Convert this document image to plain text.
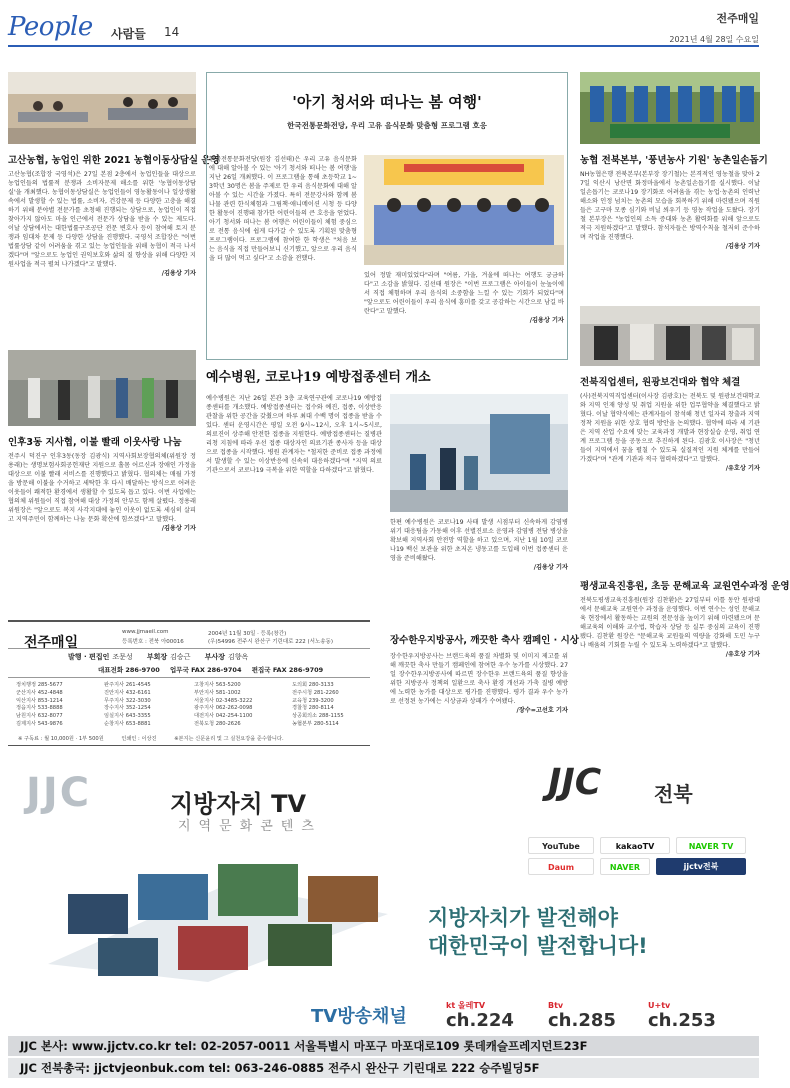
People 사람들 14
전주매일
2021년 4월 28일 수요일
고산농협, 농업인 위한 2021 농협이동상담실 운영
고산농협(조합장 국영석)은 27일 본점 2층에서 농업인들을 대상으로 농업인들의 법률적 분쟁과 소비자문제 해소를 위한 '농협이동상담실'을 개최했다. 농협이동상담실은 농업인들이 영농활동이나 일상생활 속에서 발생할 수 있는 법률, 소비자, 건강문제 등 다양한 고충을 해결하기 위해 분야별 전문가를 초청해 진행되는 상담으로, 농업인이 직접 찾아가지 않아도 마을 인근에서 전문가 상담을 받을 수 있는 제도다. 이날 상담에서는 대한법률구조공단 전문 변호사 등이 참여해 토지 분쟁과 임대차 문제 등 다양한 상담을 진행했다. 국영석 조합장은 "이번 법률상담 같이 어려움을 겪고 있는 농업인들을 위해 농협이 적극 나서겠다"며 "앞으로도 농업인 권익보호와 삶의 질 향상을 위해 다양한 지원사업을 적극 펼쳐 나가겠다"고 말했다.
/김용상 기자
인후3동 지사협, 이불 빨래 이웃사랑 나눔
전주시 덕진구 인후3동(동장 김광식) 지역사회보장협의체(위원장 정용래)는 생명보험사회공헌재단 지원으로 홀몸 어르신과 장애인 가정을 대상으로 이불 빨래 서비스를 진행했다고 밝혔다. 협의체는 매월 가정을 방문해 이불을 수거하고 세탁한 후 다시 배달하는 방식으로 어려운 이웃들이 쾌적한 환경에서 생활할 수 있도록 돕고 있다. 이번 사업에는 협의체 위원들이 직접 참여해 대상 가정의 안부도 함께 살폈다. 정용래 위원장은 "앞으로도 복지 사각지대에 놓인 이웃이 없도록 세심히 살피고 지역주민이 함께하는 나눔 문화 확산에 힘쓰겠다"고 말했다.
/김용상 기자
'아기 청서와 떠나는 봄 여행'
한국전통문화전당, 우리 고유 음식문화 맞춤형 프로그램 호응
한국전통문화전당(원장 김선태)은 우리 고유 음식문화에 대해 알아볼 수 있는 '아기 청서와 떠나는 봄 여행'을 지난 26일 개최했다. 이 프로그램을 통해 초등학교 1~3학년 30명은 봄을 주제로 한 우리 음식문화에 대해 알아볼 수 있는 시간을 가졌다. 특히 전문강사와 함께 봄나물 관련 한식체험과 그림책·애니메이션 시청 등 다양한 활동이 진행돼 참가한 어린이들의 큰 호응을 얻었다. 아기 청서와 떠나는 봄 여행은 어린이들이 체험 중심으로 전통 음식에 쉽게 다가갈 수 있도록 기획된 맞춤형 프로그램이다. 프로그램에 참여한 한 학생은 "처음 보는 음식을 직접 만들어보니 신기했고, 앞으로 우리 음식을 더 많이 먹고 싶다"고 소감을 전했다.
있어 정말 재미있었다"라며 "여름, 가을, 겨울에 떠나는 여행도 궁금하다"고 소감을 밝혔다. 김선태 원장은 "이번 프로그램은 아이들이 눈높이에서 직접 체험하며 우리 음식의 소중함을 느낄 수 있는 기회가 되었다"며 "앞으로도 어린이들이 우리 음식에 흥미를 갖고 공감하는 시간으로 남길 바란다"고 말했다.
/김용상 기자
예수병원, 코로나19 예방접종센터 개소
예수병원은 지난 26일 본관 3층 교육연구관에 코로나19 예방접종센터를 개소했다. 예방접종센터는 접수와 예진, 접종, 이상반응 관찰을 위한 공간을 갖췄으며 하루 최대 수백 명이 접종을 받을 수 있다. 센터 운영시간은 평일 오전 9시~12시, 오후 1시~5시로, 의료진이 상주해 안전한 접종을 지원한다. 예방접종센터는 질병관리청 지침에 따라 우선 접종 대상자인 의료기관 종사자 등을 대상으로 접종을 시작했다. 병원 관계자는 "철저한 준비로 접종 과정에서 발생할 수 있는 이상반응에 신속히 대응하겠다"며 "지역 의료기관으로서 코로나19 극복을 위한 역할을 다하겠다"고 밝혔다.
한편 예수병원은 코로나19 사태 발생 시점부터 신속하게 감염병 위기 대응팀을 가동해 이후 선별진료소 운영과 감염병 전담 병상을 확보해 지역사회 안전망 역할을 하고 있으며, 지난 1월 10일 코로나19 백신 보관을 위한 초저온 냉동고를 도입해 이번 접종센터 운영을 준비해왔다.
/김용상 기자
전주매일
www.jjmaeil.com
등록번호 : 전북 아00016
2004년 11월 30일 · 등록(창간)
(우)54996 전주시 완산구 기린대로 222 (서노송동)
발행 · 편집인 조문성 부회장 김승근 부사장 김향옥
대표전화 286-9700 업무국 FAX 286-9704 편집국 FAX 286-9709
정치행정 285-5677
군산지사 452-4848
익산지사 853-1214
정읍지사 533-8888
남원지사 632-8077
김제지사 543-9876
완주지사 261-4545
진안지사 432-6161
무주지사 322-3030
장수지사 352-1254
임실지사 643-3355
순창지사 653-8881
고창지사 563-5200
부안지사 581-1002
서울지사 02-3485-3222
광주지사 062-262-0098
대전지사 042-254-1100
전북도청 280-2626
도의회 280-3133
전주시청 281-2260
교육청 239-3200
경찰청 280-8114
상공회의소 288-1155
농협본부 280-5114
※ 구독료 : 월 10,000원 · 1부 500원	인쇄인 : 이상진	※본지는 신문윤리 및 그 실천요강을 준수합니다.
장수한우지방공사, 깨끗한 축사 캠페인 · 시상
장수한우지방공사는 브랜드육의 품질 차별화 및 이미지 제고를 위해 깨끗한 축사 만들기 캠페인에 참여한 우수 농가를 시상했다. 27일 장수한우지방공사에 따르면 장수한우 브랜드육의 품질 향상을 위한 지방공사 정책의 일환으로 축사 환경 개선과 가축 질병 예방에 노력한 농가를 대상으로 평가를 진행했다. 평가 결과 우수 농가로 선정된 농가에는 시상금과 상패가 수여됐다.
/장수=고선호 기자
농협 전북본부, '풍년농사 기원' 농촌일손돕기
NH농협은행 전북본부(본부장 장기철)는 본격적인 영농철을 맞아 27일 익산시 낭산면 화정마을에서 농촌일손돕기를 실시했다. 이날 일손돕기는 코로나19 장기화로 어려움을 겪는 농업·농촌의 인력난 해소와 인정 넘치는 농촌의 모습을 회복하기 위해 마련됐으며 직원들은 고구마 모종 심기와 비닐 씌우기 등 영농 작업을 도왔다. 장기철 본부장은 "농업인의 소득 증대와 농촌 활력화를 위해 앞으로도 적극 지원하겠다"고 말했다. 참석자들은 방역수칙을 철저히 준수하며 작업을 진행했다.
/김용상 기자
전북직업센터, 원광보건대와 협약 체결
(사)전북지역직업센터(이사장 김광호)는 전북도 및 원광보건대학교와 지역 인재 양성 및 취업 지원을 위한 업무협약을 체결했다고 밝혔다. 이날 협약식에는 관계자들이 참석해 청년 일자리 창출과 지역 정착 지원을 위한 상호 협력 방안을 논의했다. 협약에 따라 세 기관은 지역 산업 수요에 맞는 교육과정 개발과 현장실습 운영, 취업 연계 프로그램 등을 공동으로 추진하게 된다. 김광호 이사장은 "청년들이 지역에서 꿈을 펼칠 수 있도록 실질적인 지원 체계를 만들어 가겠다"며 "관계 기관과 적극 협력하겠다"고 말했다.
/유호상 기자
평생교육진흥원, 초등 문해교육 교원연수과정 운영
전북도평생교육진흥원(원장 김찬환)은 27일부터 이틀 동안 원광대에서 문해교육 교원연수 과정을 운영했다. 이번 연수는 성인 문해교육 현장에서 활동하는 교원의 전문성을 높이기 위해 마련됐으며 문해교육의 이해와 교수법, 학습자 상담 등 실무 중심의 교육이 진행됐다. 김찬환 원장은 "문해교육 교원들의 역량을 강화해 도민 누구나 배움의 기회를 누릴 수 있도록 노력하겠다"고 말했다.
/유호상 기자
JJC	지방자치 TV
지역문화콘텐츠
JJC	전북
YouTube	kakaoTV	NAVER TV
Daum	NAVER	jjctv전북
지방자치가 발전해야
대한민국이 발전합니다!
TV방송채널
kt 올레TV
ch.224
Btv
ch.285
U+tv
ch.253
JJC 본사: www.jjctv.co.kr tel: 02-2057-0011 서울특별시 마포구 마포대로109 롯데캐슬프레지던트23F
JJC 전북총국: jjctvjeonbuk.com tel: 063-246-0885 전주시 완산구 기린대로 222 승주빌딩5F
